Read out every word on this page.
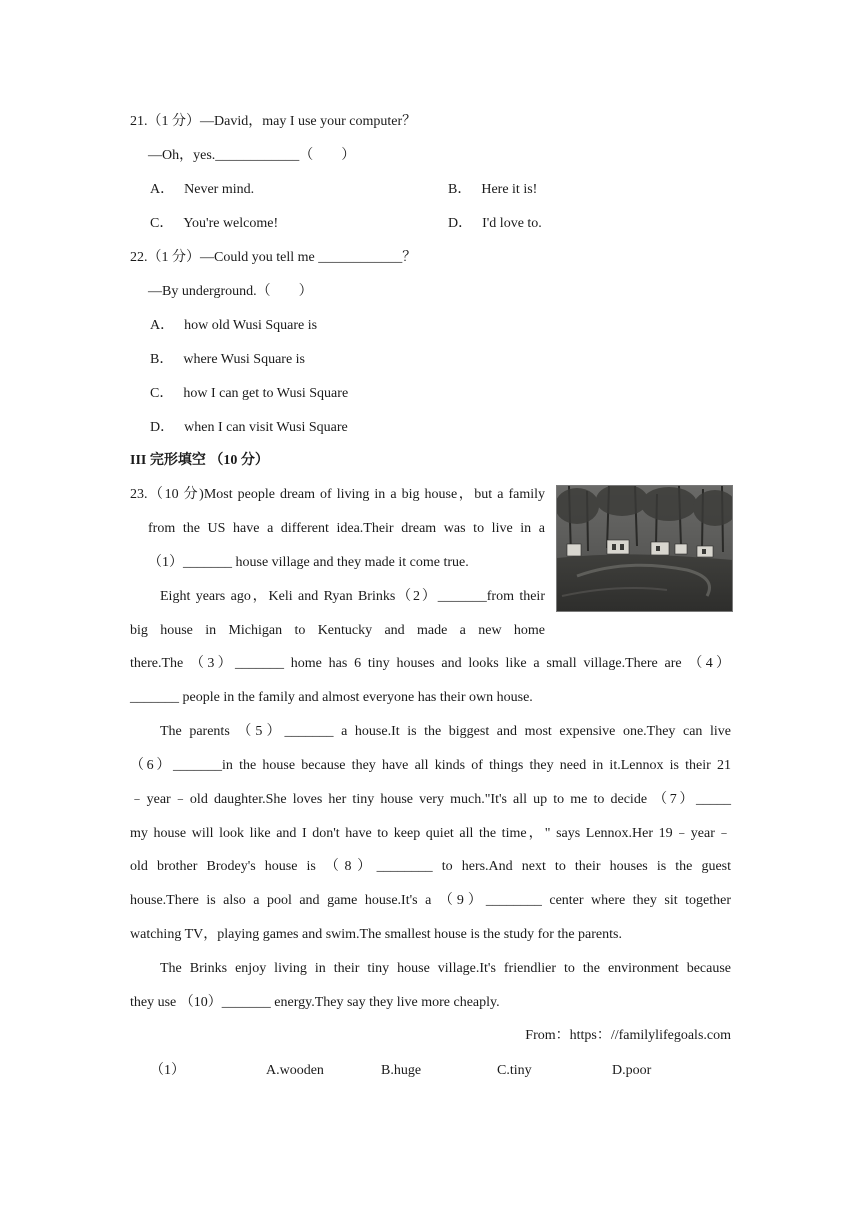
21.（1 分）—David，may I use your computer？
—Oh，yes.____________（　　）
A． Never mind.	B． Here it is!
C． You're welcome!	D． I'd love to.
22.（1 分）—Could you tell me ____________？
—By underground.（　　）
A． how old Wusi Square is
B． where Wusi Square is
C． how I can get to Wusi Square
D． when I can visit Wusi Square
III 完形填空 （10 分）
23.（10 分)Most people dream of living in a big house，but a family
from the US have a different idea.Their dream was to live in a
（1）_______ house village and they made it come true.
Eight years ago，Keli and Ryan Brinks（2）_______from their
big house in Michigan to Kentucky and made a new home
there.The （3）_______ home has 6 tiny houses and looks like a small village.There are （4）
_______ people in the family and almost everyone has their own house.
The parents （5）_______ a house.It is the biggest and most expensive one.They can live
（6）_______in the house because they have all kinds of things they need in it.Lennox is their 21
﹣year﹣old daughter.She loves her tiny house very much."It's all up to me to decide （7）_____
my house will look like and I don't have to keep quiet all the time，" says Lennox.Her 19﹣year﹣
old brother Brodey's house is （8）________ to hers.And next to their houses is the guest
house.There is also a pool and game house.It's a （9）________ center where they sit together
watching TV，playing games and swim.The smallest house is the study for the parents.
The Brinks enjoy living in their tiny house village.It's friendlier to the environment because
they use （10）_______ energy.They say they live more cheaply.
From：https：//familylifegoals.com
（1）	A.wooden	B.huge	C.tiny	D.poor
